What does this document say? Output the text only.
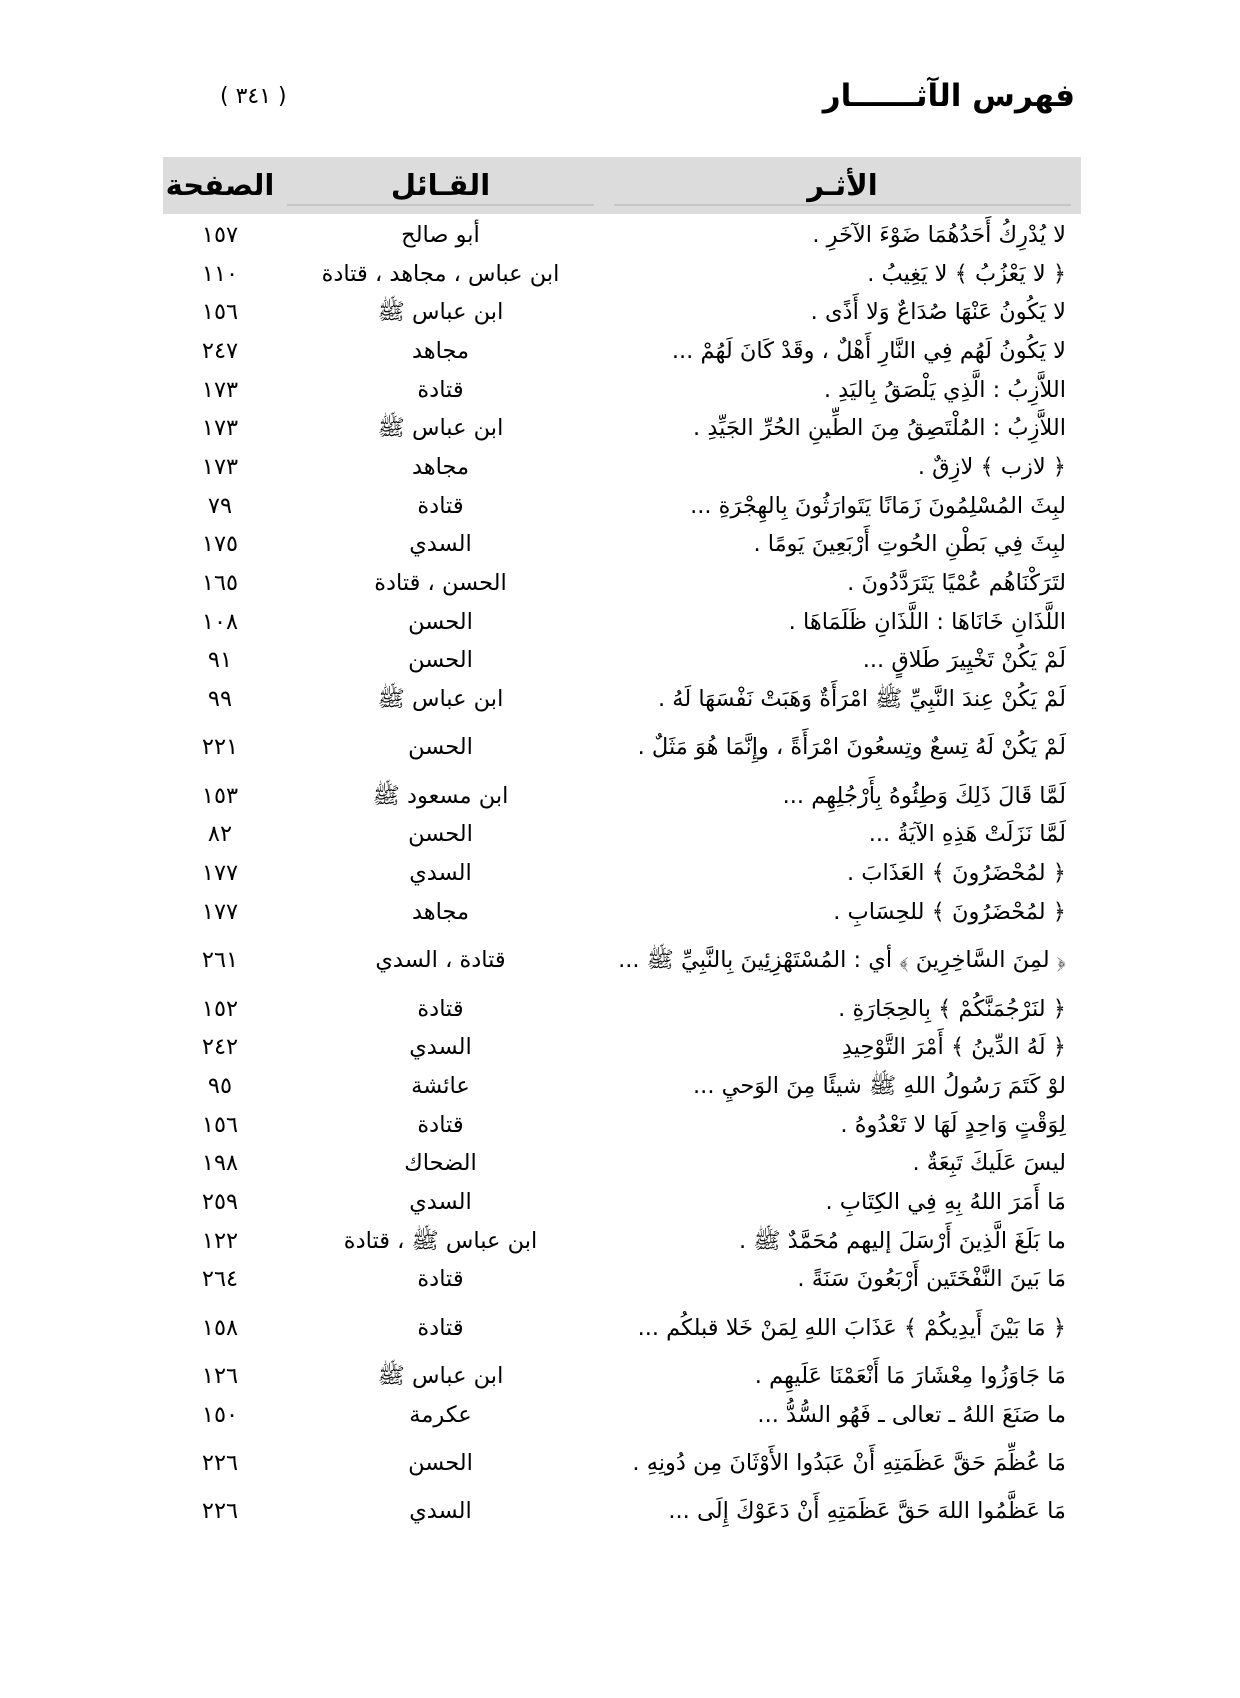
فهرس الآثــــــار
( ٣٤١ )
الأثـر
القـائل
الصفحة
لا يُدْرِكُ أَحَدُهُمَا ضَوْءَ الآخَرِ .
أبو صالح
١٥٧
﴿ لا يَعْزُبُ ﴾ لا يَغِيبُ .
ابن عباس ، مجاهد ، قتادة
١١٠
لا يَكُونُ عَنْهَا صُدَاعٌ وَلا أَذًى .
ابن عباس ﷺ
١٥٦
لا يَكُونُ لَهُم فِي النَّارِ أَهْلٌ ، وقَدْ كَانَ لَهُمْ ...
مجاهد
٢٤٧
اللاَّزِبُ : الَّذِي يَلْصَقُ بِاليَدِ .
قتادة
١٧٣
اللاَّزِبُ : المُلْتَصِقُ مِنَ الطِّينِ الحُرِّ الجَيِّدِ .
ابن عباس ﷺ
١٧٣
﴿ لازب ﴾ لازِقٌ .
مجاهد
١٧٣
لبِثَ المُسْلِمُونَ زَمَانًا يَتَوارَثُونَ بِالهِجْرَةِ ...
قتادة
٧٩
لبِثَ فِي بَطْنِ الحُوتِ أَرْبَعِينَ يَومًا .
السدي
١٧٥
لتَرَكْنَاهُم عُمْيًا يَتَرَدَّدُونَ .
الحسن ، قتادة
١٦٥
اللَّذَانِ خَانَاهَا : اللَّذَانِ ظَلَمَاهَا .
الحسن
١٠٨
لَمْ يَكُنْ تَخْيِيرَ طَلاقٍ ...
الحسن
٩١
لَمْ يَكُنْ عِندَ النَّبِيِّ ﷺ امْرَأَةٌ وَهَبَتْ نَفْسَهَا لَهُ .
ابن عباس ﷺ
٩٩
لَمْ يَكُنْ لَهُ تِسعٌ وتِسعُونَ امْرَأَةً ، وإِنَّمَا هُوَ مَثَلٌ .
الحسن
٢٢١
لَمَّا قَالَ ذَلِكَ وَطِئُوهُ بِأَرْجُلِهِم ...
ابن مسعود ﷺ
١٥٣
لَمَّا نَزَلَتْ هَذِهِ الآيَةُ ...
الحسن
٨٢
﴿ لمُحْضَرُونَ ﴾ العَذَابَ .
السدي
١٧٧
﴿ لمُحْضَرُونَ ﴾ للحِسَابِ .
مجاهد
١٧٧
﴿ لمِنَ السَّاخِرِينَ ﴾ أي : المُسْتَهْزِئِينَ بِالنَّبِيِّ ﷺ ...
قتادة ، السدي
٢٦١
﴿ لنَرْجُمَنَّكُمْ ﴾ بِالحِجَارَةِ .
قتادة
١٥٢
﴿ لَهُ الدِّينُ ﴾ أَمْرَ التَّوْحِيدِ
السدي
٢٤٢
لوْ كَتَمَ رَسُولُ اللهِ ﷺ شيئًا مِنَ الوَحيِ ...
عائشة
٩٥
لِوَقْتٍ وَاحِدٍ لَهَا لا تَعْدُوهُ .
قتادة
١٥٦
ليسَ عَلَيكَ تَبِعَةٌ .
الضحاك
١٩٨
مَا أَمَرَ اللهُ بِهِ فِي الكِتَابِ .
السدي
٢٥٩
ما بَلَغَ الَّذِينَ أَرْسَلَ إليهم مُحَمَّدٌ ﷺ .
ابن عباس ﷺ ، قتادة
١٢٢
مَا بَينَ النَّفْخَتَين أَرْبَعُونَ سَنَةً .
قتادة
٢٦٤
﴿ مَا بَيْنَ أَيدِيكُمْ ﴾ عَذَابَ اللهِ لِمَنْ خَلا قبلكُم ...
قتادة
١٥٨
مَا جَاوَزُوا مِعْشَارَ مَا أَنْعَمْنَا عَلَيهِم .
ابن عباس ﷺ
١٢٦
ما صَنَعَ اللهُ ـ تعالى ـ فَهُو السُّدُّ ...
عكرمة
١٥٠
مَا عُظِّمَ حَقَّ عَظَمَتِهِ أَنْ عَبَدُوا الأَوْثَانَ مِن دُونِهِ .
الحسن
٢٢٦
مَا عَظَّمُوا اللهَ حَقَّ عَظَمَتِهِ أَنْ دَعَوْكَ إِلَى ...
السدي
٢٢٦
